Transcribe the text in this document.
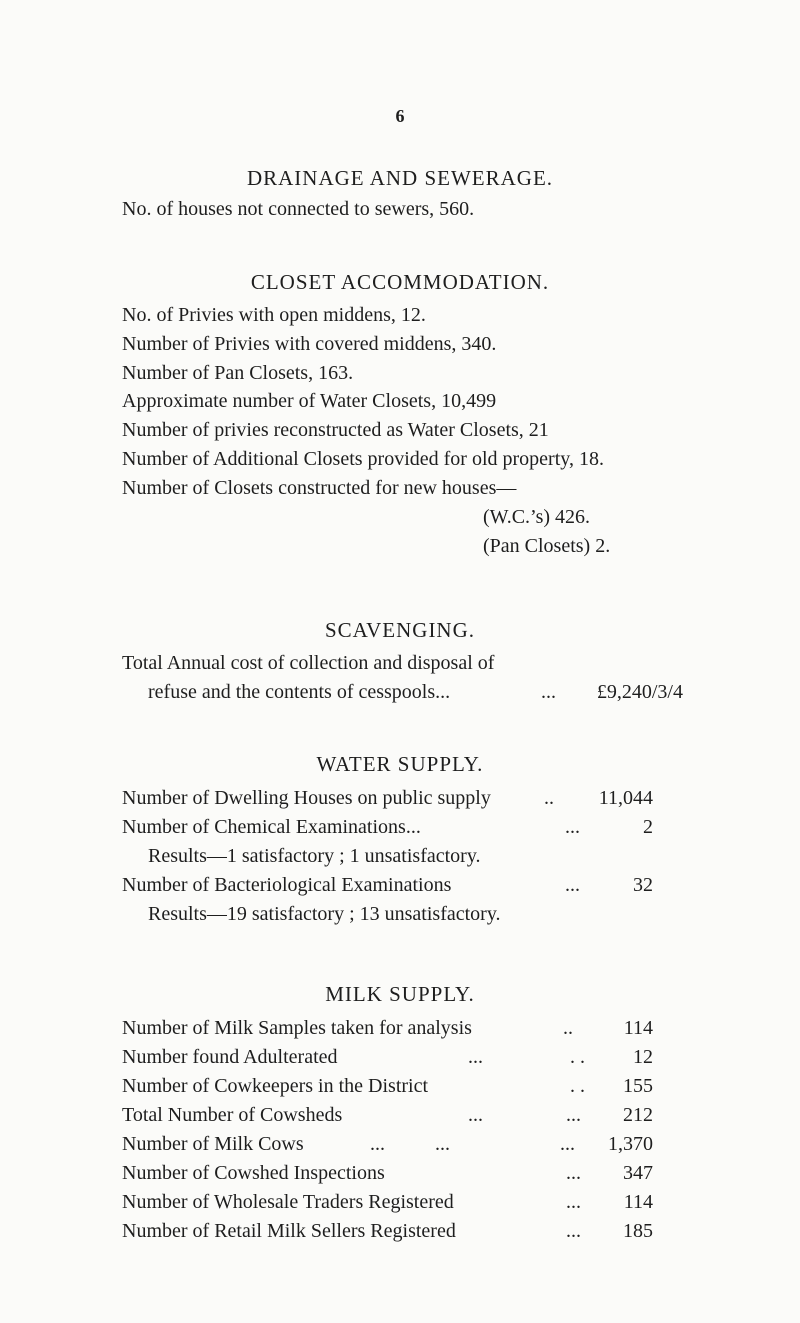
6
DRAINAGE AND SEWERAGE.
No. of houses not connected to sewers, 560.
CLOSET ACCOMMODATION.
No. of Privies with open middens, 12.
Number of Privies with covered middens, 340.
Number of Pan Closets, 163.
Approximate number of Water Closets, 10,499
Number of privies reconstructed as Water Closets, 21
Number of Additional Closets provided for old property, 18.
Number of Closets constructed for new houses—
(W.C.’s) 426.
(Pan Closets) 2.
SCAVENGING.
Total Annual cost of collection and disposal of
refuse and the contents of cesspools...	... £9,240/3/4
WATER SUPPLY.
Number of Dwelling Houses on public supply	.. 11,044
Number of Chemical Examinations...	...	2
Results—1 satisfactory ; 1 unsatisfactory.
Number of Bacteriological Examinations	...	32
Results—19 satisfactory ; 13 unsatisfactory.
MILK SUPPLY.
Number of Milk Samples taken for analysis	..	114
Number found Adulterated	...	. . 12
Number of Cowkeepers in the District	. . 155
Total Number of Cowsheds	...	... 212
Number of Milk Cows	...          ...	... 1,370
Number of Cowshed Inspections	... 347
Number of Wholesale Traders Registered	... 114
Number of Retail Milk Sellers Registered	... 185
